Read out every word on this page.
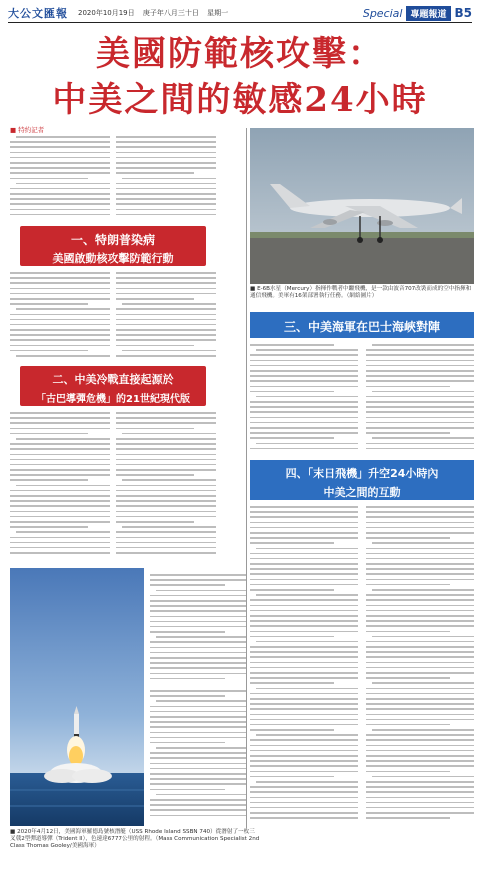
大公文匯報 2020年10月19日 庚子年八月三十日 星期一	Special 專題報道 B5
美國防範核攻擊：
中美之間的敏感24小時
■ 特約記者
一、特朗普染病
美國啟動核攻擊防範行動
二、中美冷戰直接起源於
「古巴導彈危機」的21世紀現代版
■ 2020年4月12日，美國海軍羅德島號核潛艇（USS Rhode Island SSBN 740）從潛射了一枚三叉戟2型彈道導彈（Trident II），色速達6777公里的射程。（Mass Communication Specialist 2nd Class Thomas Gooley/美國海軍）
■ E-6B水星（Mercury）指揮作戰者中繼飛機，是一款由波音707改裝而成的空中指揮和通信飛機。美軍有16架部署執行任務。（網絡圖片）
三、中美海軍在巴士海峽對陣
四、「末日飛機」升空24小時內
中美之間的互動
